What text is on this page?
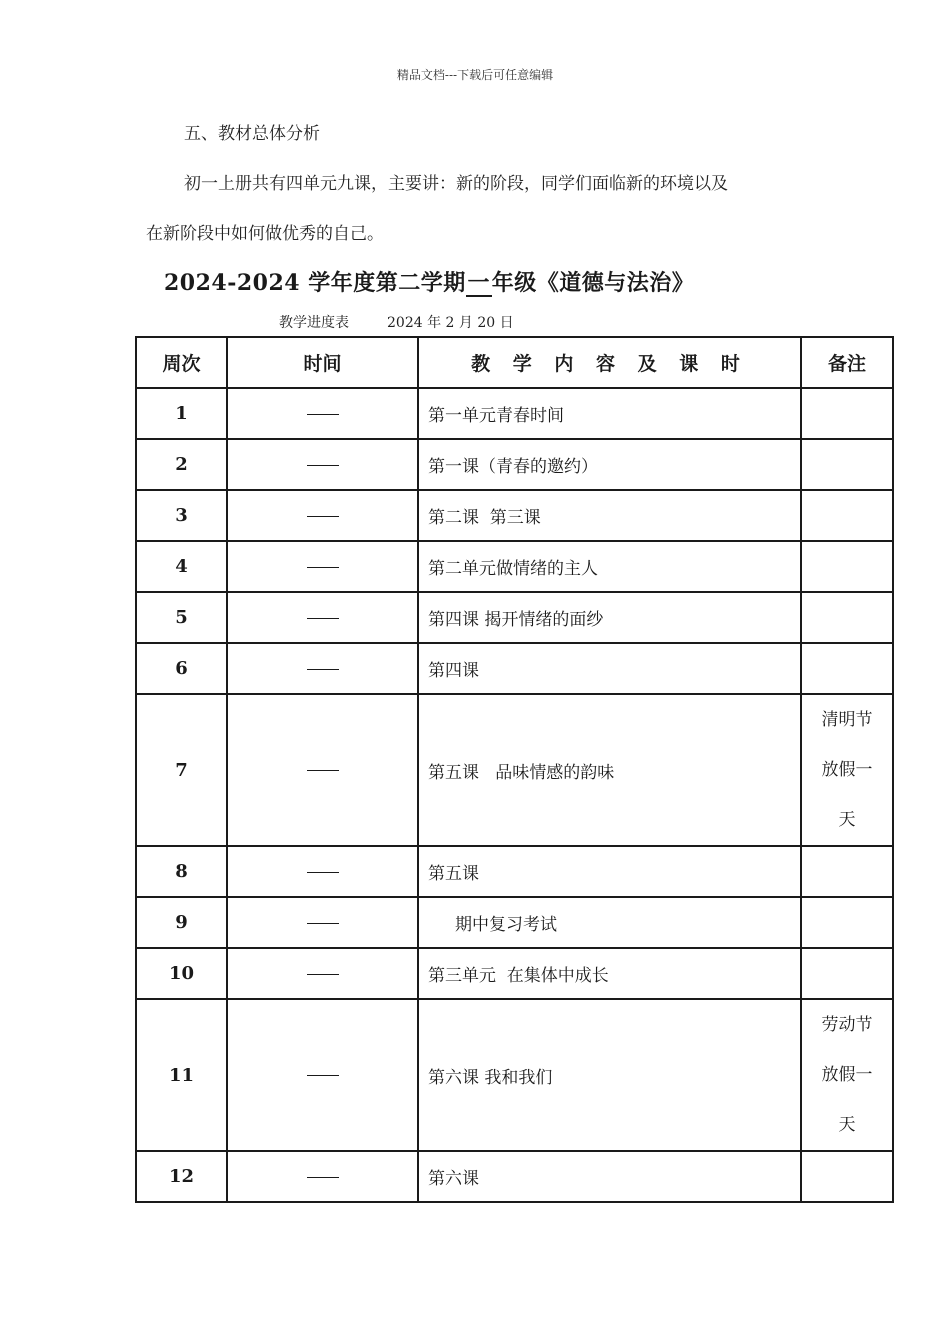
精品文档---下载后可任意编辑
五、教材总体分析
初一上册共有四单元九课，主要讲：新的阶段，同学们面临新的环境以及
在新阶段中如何做优秀的自己。
2024-2024 学年度第二学期一年级《道德与法治》
教学进度表	2024 年 2 月 20 日
周次	时间	教 学 内 容 及 课 时	备注
1		第一单元青春时间	
2		第一课（青春的邀约）	
3		第二课  第三课	
4		第二单元做情绪的主人	
5		第四课 揭开情绪的面纱	
6		第四课	
7		第五课   品味情感的韵味	清明节
放假一
天

8		第五课	
9		期中复习考试	
10		第三单元  在集体中成长	
11		第六课 我和我们	劳动节
放假一
天

12		第六课	
